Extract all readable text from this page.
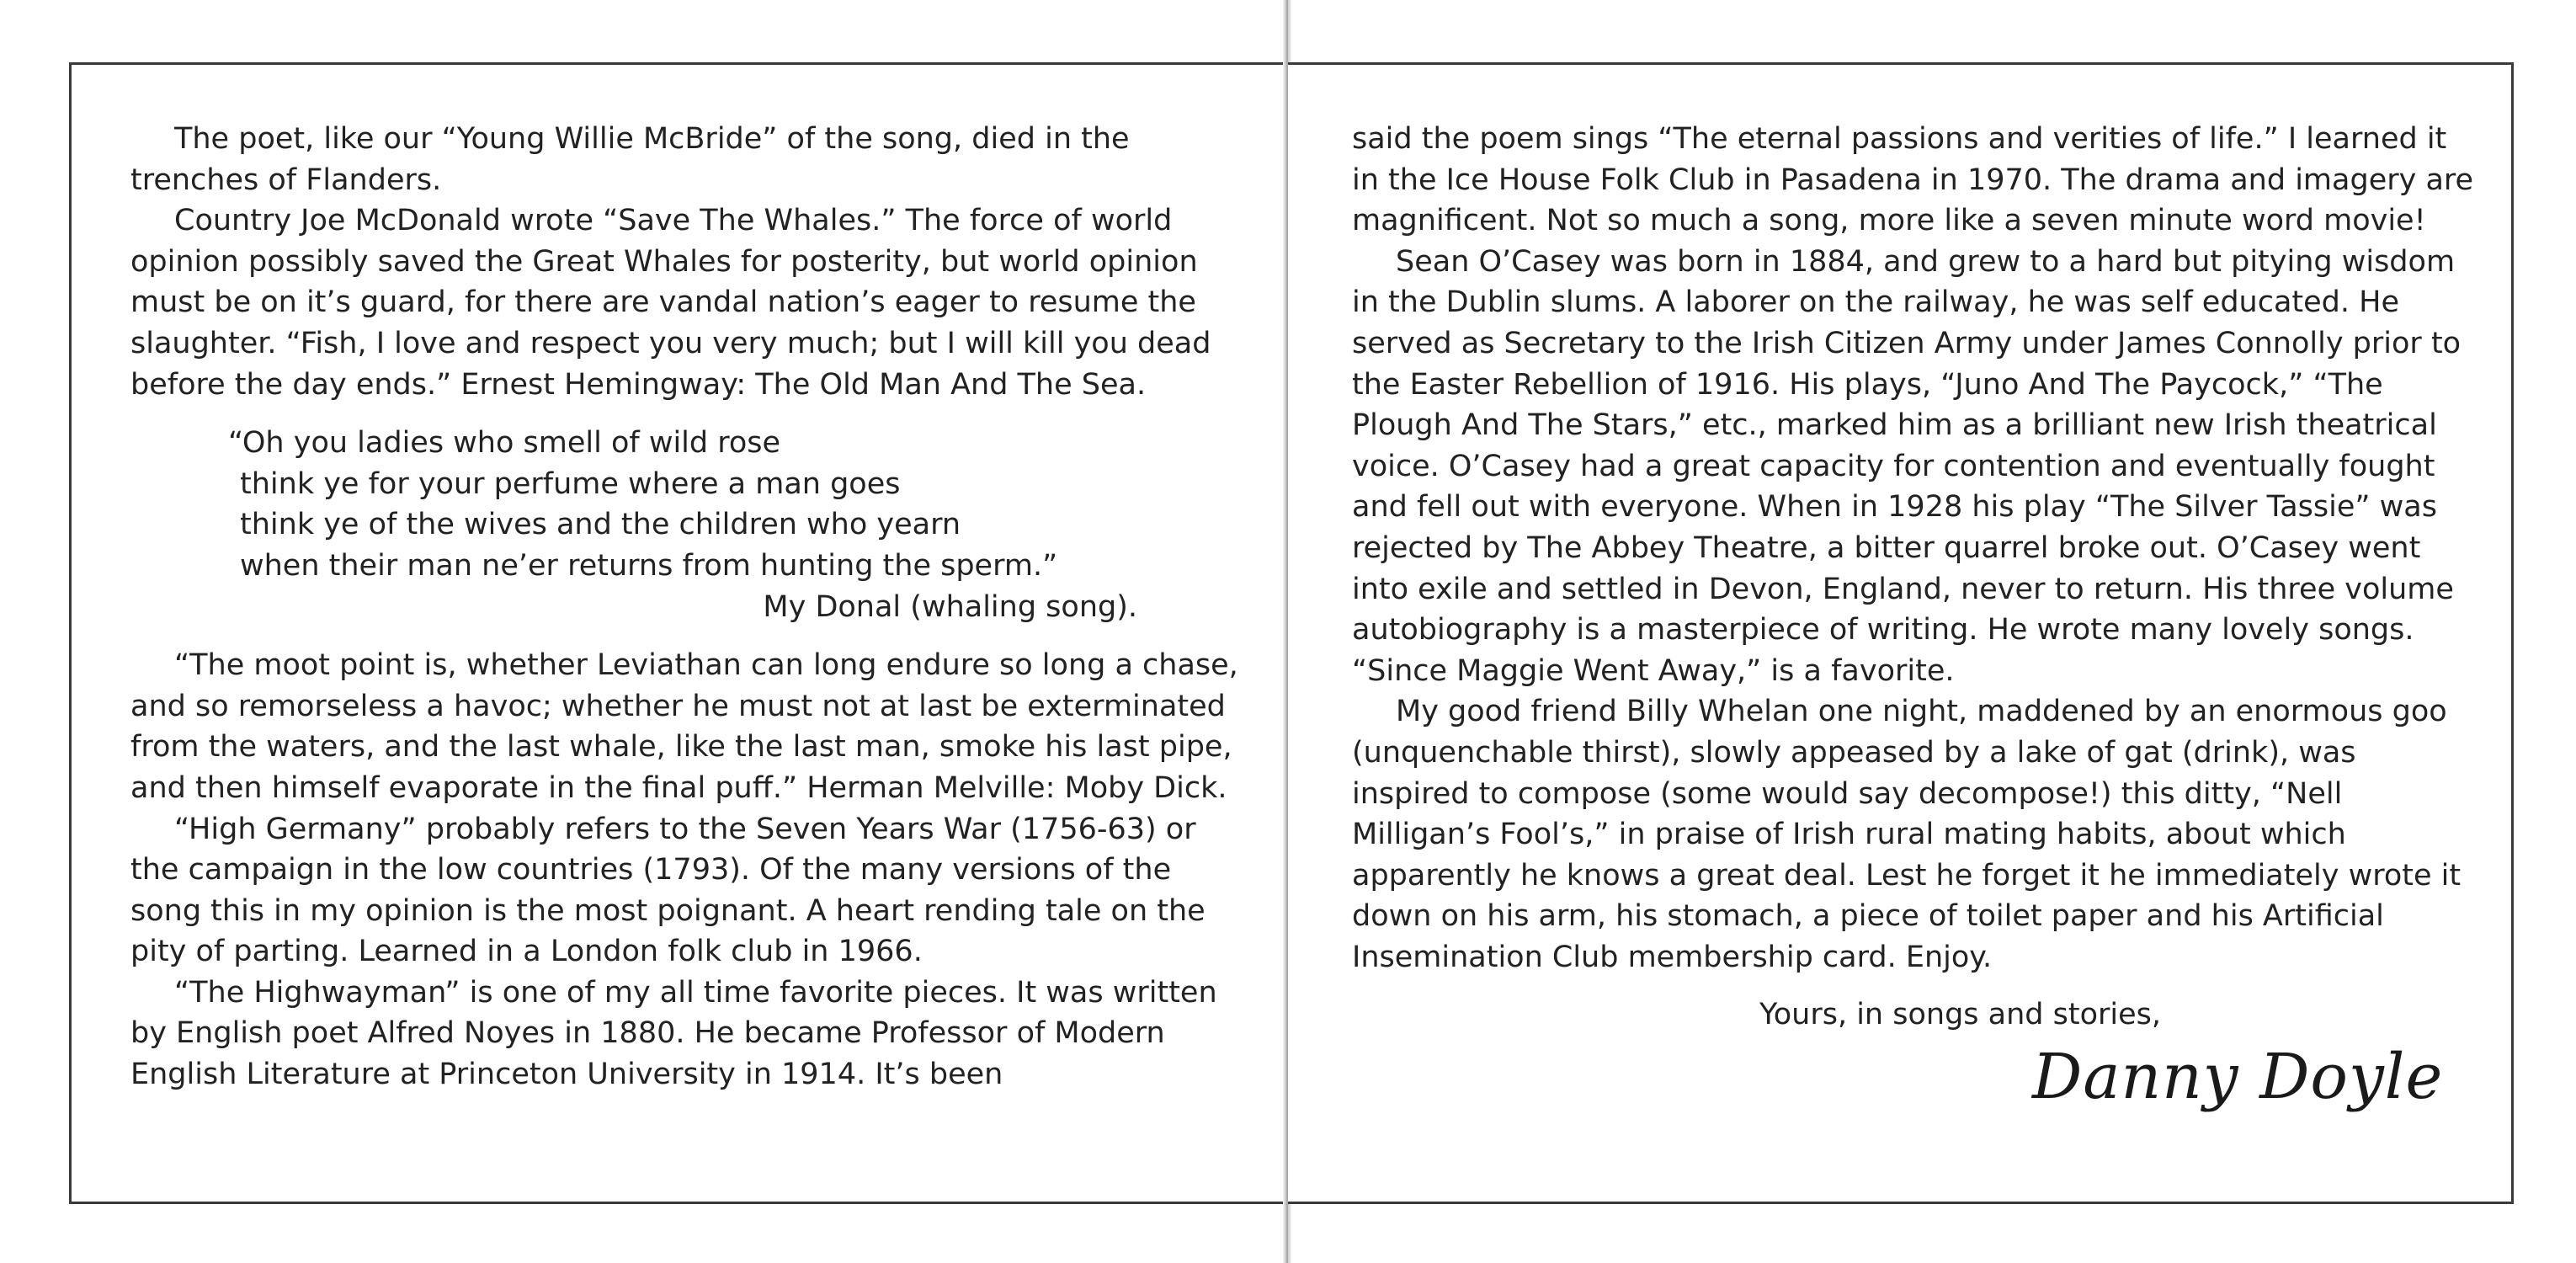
The poet, like our “Young Willie McBride” of the song, died in the trenches of Flanders.

Country Joe McDonald wrote “Save The Whales.” The force of world opinion possibly saved the Great Whales for posterity, but world opinion must be on it’s guard, for there are vandal nation’s eager to resume the slaughter. “Fish, I love and respect you very much; but I will kill you dead before the day ends.” Ernest Hemingway: The Old Man And The Sea.

“Oh you ladies who smell of wild rose
think ye for your perfume where a man goes
think ye of the wives and the children who yearn
when their man ne’er returns from hunting the sperm.”
My Donal (whaling song).

“The moot point is, whether Leviathan can long endure so long a chase, and so remorseless a havoc; whether he must not at last be exterminated from the waters, and the last whale, like the last man, smoke his last pipe, and then himself evaporate in the final puff.” Herman Melville: Moby Dick.

“High Germany” probably refers to the Seven Years War (1756-63) or the campaign in the low countries (1793). Of the many versions of the song this in my opinion is the most poignant. A heart rending tale on the pity of parting. Learned in a London folk club in 1966.

“The Highwayman” is one of my all time favorite pieces. It was written by English poet Alfred Noyes in 1880. He became Professor of Modern English Literature at Princeton University in 1914. It’s been

said the poem sings “The eternal passions and verities of life.” I learned it in the Ice House Folk Club in Pasadena in 1970. The drama and imagery are magnificent. Not so much a song, more like a seven minute word movie!

Sean O’Casey was born in 1884, and grew to a hard but pitying wisdom in the Dublin slums. A laborer on the railway, he was self educated. He served as Secretary to the Irish Citizen Army under James Connolly prior to the Easter Rebellion of 1916. His plays, “Juno And The Paycock,” “The Plough And The Stars,” etc., marked him as a brilliant new Irish theatrical voice. O’Casey had a great capacity for contention and eventually fought and fell out with everyone. When in 1928 his play “The Silver Tassie” was rejected by The Abbey Theatre, a bitter quarrel broke out. O’Casey went into exile and settled in Devon, England, never to return. His three volume autobiography is a masterpiece of writing. He wrote many lovely songs. “Since Maggie Went Away,” is a favorite.

My good friend Billy Whelan one night, maddened by an enormous goo (unquenchable thirst), slowly appeased by a lake of gat (drink), was inspired to compose (some would say decompose!) this ditty, “Nell Milligan’s Fool’s,” in praise of Irish rural mating habits, about which apparently he knows a great deal. Lest he forget it he immediately wrote it down on his arm, his stomach, a piece of toilet paper and his Artificial Insemination Club membership card. Enjoy.

Yours, in songs and stories,
Danny Doyle
